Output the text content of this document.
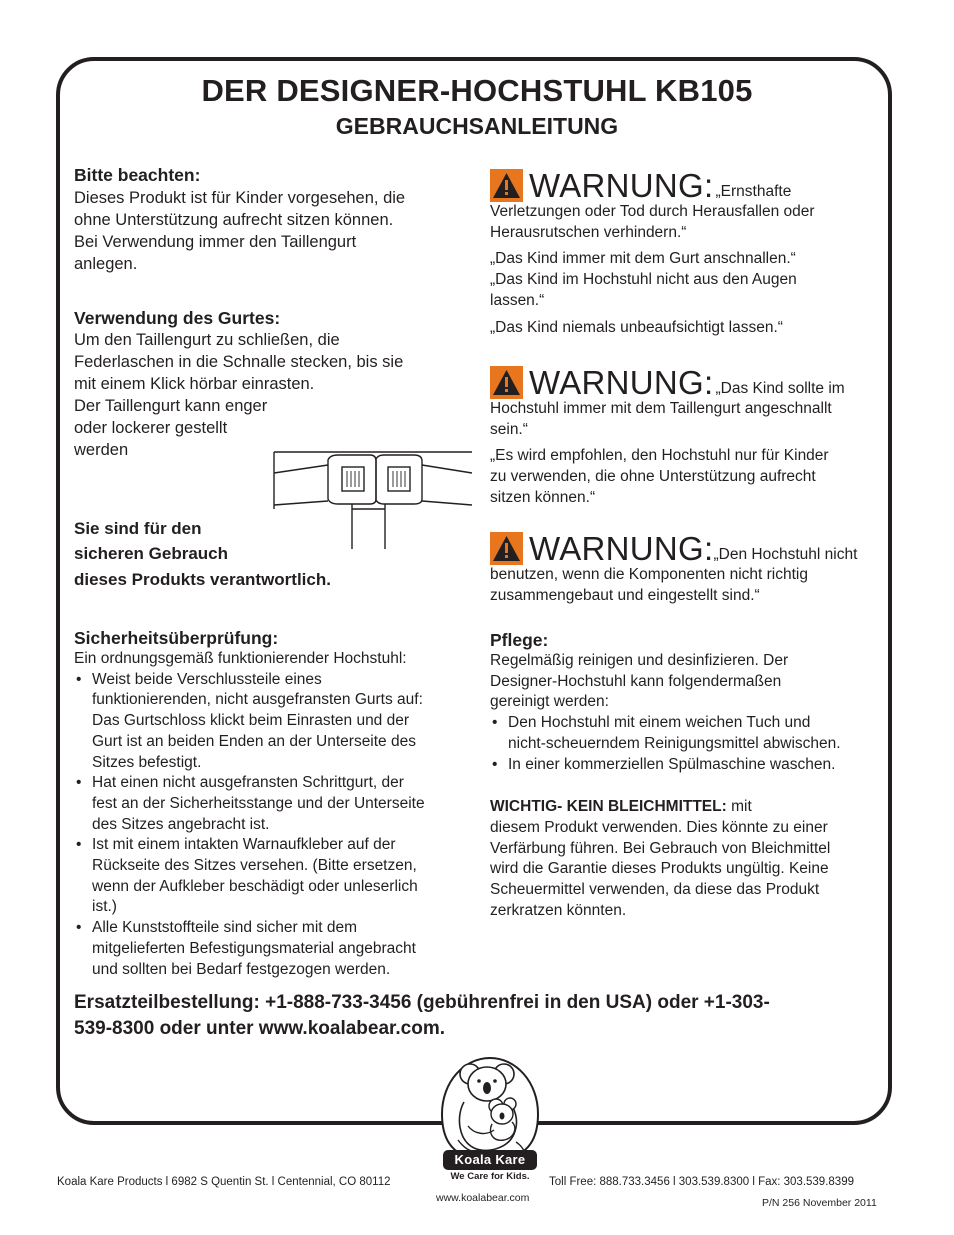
DER DESIGNER-HOCHSTUHL KB105
GEBRAUCHSANLEITUNG
Bitte beachten:
Dieses Produkt ist für Kinder vorgesehen, die
ohne Unterstützung aufrecht sitzen können.
Bei Verwendung immer den Taillengurt
anlegen.
Verwendung des Gurtes:
Um den Taillengurt zu schließen, die
Federlaschen in die Schnalle stecken, bis sie
mit einem Klick hörbar einrasten.
Der Taillengurt kann enger
oder lockerer gestellt
werden
Sie sind für den
sicheren Gebrauch
dieses Produkts verantwortlich.
Sicherheitsüberprüfung:
Ein ordnungsgemäß funktionierender Hochstuhl:
• Weist beide Verschlussteile eines
funktionierenden, nicht ausgefransten Gurts auf:
Das Gurtschloss klickt beim Einrasten und der
Gurt ist an beiden Enden an der Unterseite des
Sitzes befestigt.
• Hat einen nicht ausgefransten Schrittgurt, der
fest an der Sicherheitsstange und der Unterseite
des Sitzes angebracht ist.
• Ist mit einem intakten Warnaufkleber auf der
Rückseite des Sitzes versehen. (Bitte ersetzen,
wenn der Aufkleber beschädigt oder unleserlich
ist.)
• Alle Kunststoffteile sind sicher mit dem
mitgelieferten Befestigungsmaterial angebracht
und sollten bei Bedarf festgezogen werden.
WARNUNG: „Ernsthafte
Verletzungen oder Tod durch Herausfallen oder
Herausrutschen verhindern.“
„Das Kind immer mit dem Gurt anschnallen.“
„Das Kind im Hochstuhl nicht aus den Augen
lassen.“
„Das Kind niemals unbeaufsichtigt lassen.“
WARNUNG: „Das Kind sollte im
Hochstuhl immer mit dem Taillengurt angeschnallt
sein.“
„Es wird empfohlen, den Hochstuhl nur für Kinder
zu verwenden, die ohne Unterstützung aufrecht
sitzen können.“
WARNUNG: „Den Hochstuhl nicht
benutzen, wenn die Komponenten nicht richtig
zusammengebaut und eingestellt sind.“
Pflege:
Regelmäßig reinigen und desinfizieren. Der
Designer-Hochstuhl kann folgendermaßen
gereinigt werden:
• Den Hochstuhl mit einem weichen Tuch und
nicht-scheuerndem Reinigungsmittel abwischen.
• In einer kommerziellen Spülmaschine waschen.
WICHTIG- KEIN BLEICHMITTEL: mit
diesem Produkt verwenden. Dies könnte zu einer
Verfärbung führen. Bei Gebrauch von Bleichmittel
wird die Garantie dieses Produkts ungültig. Keine
Scheuermittel verwenden, da diese das Produkt
zerkratzen könnten.
Ersatzteilbestellung: +1-888-733-3456 (gebührenfrei in den USA) oder +1-303-
539-8300 oder unter www.koalabear.com.
Koala Kare
We Care for Kids.
Koala Kare Products l 6982 S Quentin St. l Centennial, CO 80112	Toll Free: 888.733.3456 l 303.539.8300 l Fax: 303.539.8399
www.koalabear.com	P/N 256 November 2011
